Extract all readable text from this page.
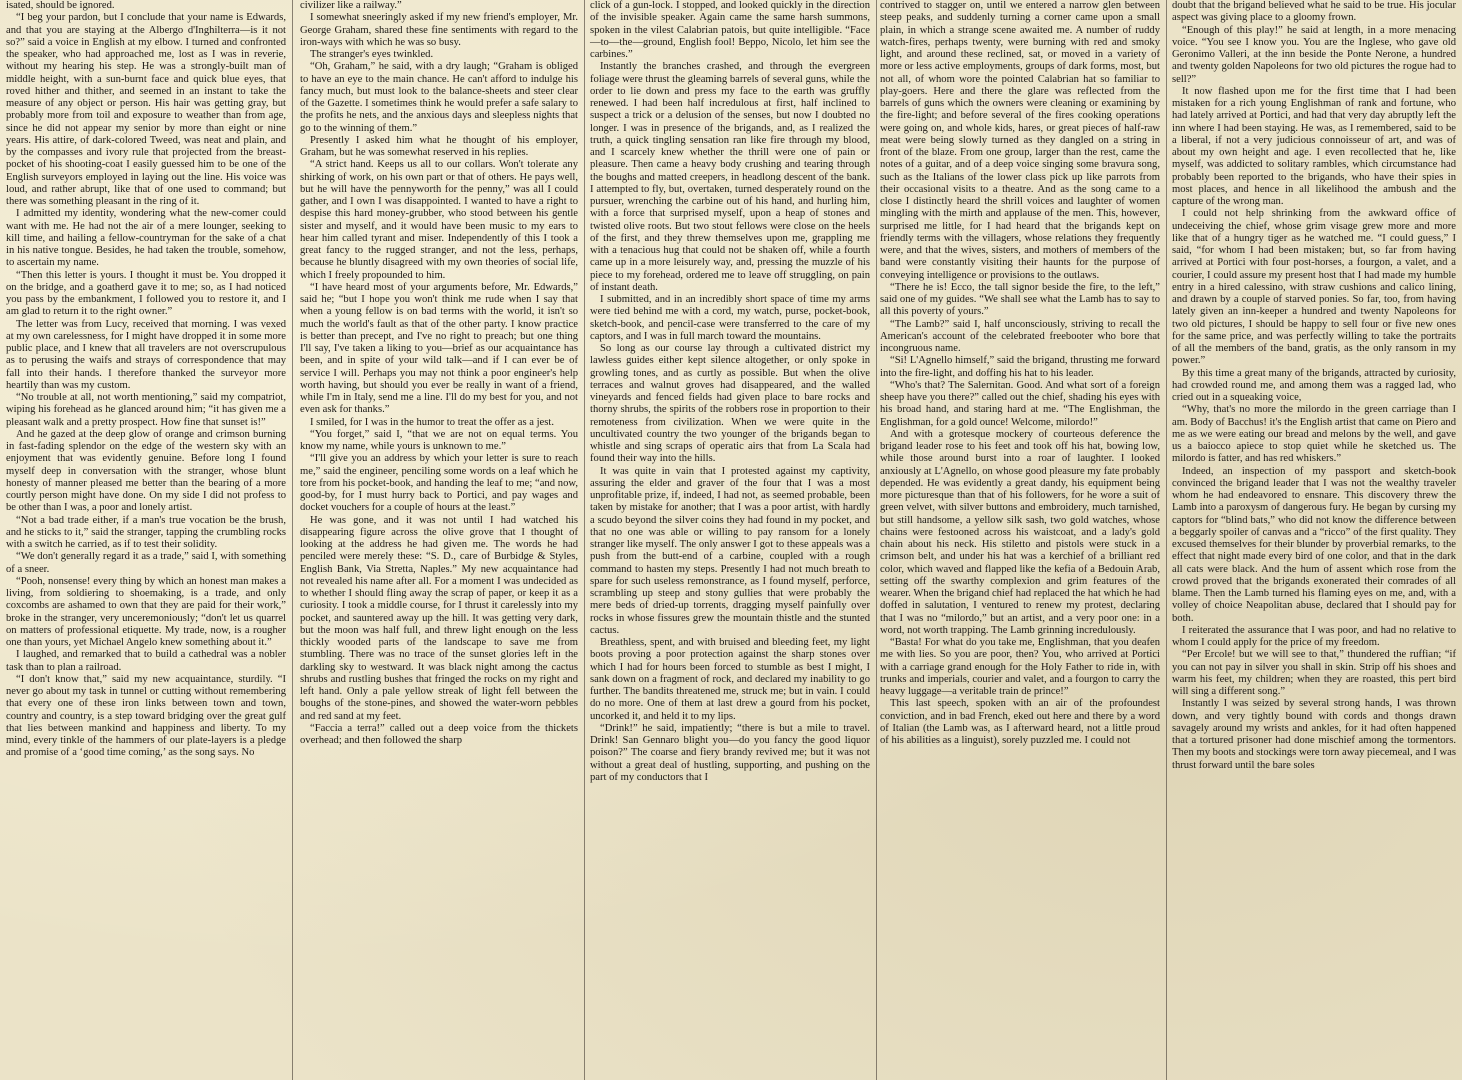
isated, should be ignored.

“I beg your pardon, but I conclude that your name is Edwards, and that you are staying at the Albergo d'Inghilterra—is it not so?” said a voice in English at my elbow. I turned and confronted the speaker, who had approached me, lost as I was in reverie, without my hearing his step. He was a strongly-built man of middle height, with a sun-burnt face and quick blue eyes, that roved hither and thither, and seemed in an instant to take the measure of any object or person. His hair was getting gray, but probably more from toil and exposure to weather than from age, since he did not appear my senior by more than eight or nine years. His attire, of dark-colored Tweed, was neat and plain, and by the compasses and ivory rule that projected from the breast-pocket of his shooting-coat I easily guessed him to be one of the English surveyors employed in laying out the line. His voice was loud, and rather abrupt, like that of one used to command; but there was something pleasant in the ring of it.

I admitted my identity, wondering what the new-comer could want with me. He had not the air of a mere lounger, seeking to kill time, and hailing a fellow-countryman for the sake of a chat in his native tongue. Besides, he had taken the trouble, somehow, to ascertain my name.

“Then this letter is yours. I thought it must be. You dropped it on the bridge, and a goatherd gave it to me; so, as I had noticed you pass by the embankment, I followed you to restore it, and I am glad to return it to the right owner.”

The letter was from Lucy, received that morning. I was vexed at my own carelessness, for I might have dropped it in some more public place, and I knew that all travelers are not overscrupulous as to perusing the waifs and strays of correspondence that may fall into their hands. I therefore thanked the surveyor more heartily than was my custom.

“No trouble at all, not worth mentioning,” said my compatriot, wiping his forehead as he glanced around him; “it has given me a pleasant walk and a pretty prospect. How fine that sunset is!”

And he gazed at the deep glow of orange and crimson burning in fast-fading splendor on the edge of the western sky with an enjoyment that was evidently genuine. Before long I found myself deep in conversation with the stranger, whose blunt honesty of manner pleased me better than the bearing of a more courtly person might have done. On my side I did not profess to be other than I was, a poor and lonely artist.

“Not a bad trade either, if a man's true vocation be the brush, and he sticks to it,” said the stranger, tapping the crumbling rocks with a switch he carried, as if to test their solidity.

“We don't generally regard it as a trade,” said I, with something of a sneer.

“Pooh, nonsense! every thing by which an honest man makes a living, from soldiering to shoemaking, is a trade, and only coxcombs are ashamed to own that they are paid for their work,” broke in the stranger, very unceremoniously; “don't let us quarrel on matters of professional etiquette. My trade, now, is a rougher one than yours, yet Michael Angelo knew something about it.”

I laughed, and remarked that to build a cathedral was a nobler task than to plan a railroad.

“I don't know that,” said my new acquaintance, sturdily. “I never go about my task in tunnel or cutting without remembering that every one of these iron links between town and town, country and country, is a step toward bridging over the great gulf that lies between mankind and happiness and liberty. To my mind, every tinkle of the hammers of our plate-layers is a pledge and promise of a ‘good time coming,’ as the song says. No

civilizer like a railway.”

I somewhat sneeringly asked if my new friend's employer, Mr. George Graham, shared these fine sentiments with regard to the iron-ways with which he was so busy.

The stranger's eyes twinkled.

“Oh, Graham,” he said, with a dry laugh; “Graham is obliged to have an eye to the main chance. He can't afford to indulge his fancy much, but must look to the balance-sheets and steer clear of the Gazette. I sometimes think he would prefer a safe salary to the profits he nets, and the anxious days and sleepless nights that go to the winning of them.”

Presently I asked him what he thought of his employer, Graham, but he was somewhat reserved in his replies.

“A strict hand. Keeps us all to our collars. Won't tolerate any shirking of work, on his own part or that of others. He pays well, but he will have the pennyworth for the penny,” was all I could gather, and I own I was disappointed. I wanted to have a right to despise this hard money-grubber, who stood between his gentle sister and myself, and it would have been music to my ears to hear him called tyrant and miser. Independently of this I took a great fancy to the rugged stranger, and not the less, perhaps, because he bluntly disagreed with my own theories of social life, which I freely propounded to him.

“I have heard most of your arguments before, Mr. Edwards,” said he; “but I hope you won't think me rude when I say that when a young fellow is on bad terms with the world, it isn't so much the world's fault as that of the other party. I know practice is better than precept, and I've no right to preach; but one thing I'll say, I've taken a liking to you—brief as our acquaintance has been, and in spite of your wild talk—and if I can ever be of service I will. Perhaps you may not think a poor engineer's help worth having, but should you ever be really in want of a friend, while I'm in Italy, send me a line. I'll do my best for you, and not even ask for thanks.”

I smiled, for I was in the humor to treat the offer as a jest.

“You forget,” said I, “that we are not on equal terms. You know my name, while yours is unknown to me.”

“I'll give you an address by which your letter is sure to reach me,” said the engineer, penciling some words on a leaf which he tore from his pocket-book, and handing the leaf to me; “and now, good-by, for I must hurry back to Portici, and pay wages and docket vouchers for a couple of hours at the least.”

He was gone, and it was not until I had watched his disappearing figure across the olive grove that I thought of looking at the address he had given me. The words he had penciled were merely these: “S. D., care of Burbidge & Styles, English Bank, Via Stretta, Naples.” My new acquaintance had not revealed his name after all. For a moment I was undecided as to whether I should fling away the scrap of paper, or keep it as a curiosity. I took a middle course, for I thrust it carelessly into my pocket, and sauntered away up the hill. It was getting very dark, but the moon was half full, and threw light enough on the less thickly wooded parts of the landscape to save me from stumbling. There was no trace of the sunset glories left in the darkling sky to westward. It was black night among the cactus shrubs and rustling bushes that fringed the rocks on my right and left hand. Only a pale yellow streak of light fell between the boughs of the stone-pines, and showed the water-worn pebbles and red sand at my feet.

“Faccia a terra!” called out a deep voice from the thickets overhead; and then followed the sharp

click of a gun-lock. I stopped, and looked quickly in the direction of the invisible speaker. Again came the same harsh summons, spoken in the vilest Calabrian patois, but quite intelligible. “Face—to—the—ground, English fool! Beppo, Nicolo, let him see the carbines.”

Instantly the branches crashed, and through the evergreen foliage were thrust the gleaming barrels of several guns, while the order to lie down and press my face to the earth was gruffly renewed. I had been half incredulous at first, half inclined to suspect a trick or a delusion of the senses, but now I doubted no longer. I was in presence of the brigands, and, as I realized the truth, a quick tingling sensation ran like fire through my blood, and I scarcely knew whether the thrill were one of pain or pleasure. Then came a heavy body crushing and tearing through the boughs and matted creepers, in headlong descent of the bank. I attempted to fly, but, overtaken, turned desperately round on the pursuer, wrenching the carbine out of his hand, and hurling him, with a force that surprised myself, upon a heap of stones and twisted olive roots. But two stout fellows were close on the heels of the first, and they threw themselves upon me, grappling me with a tenacious hug that could not be shaken off, while a fourth came up in a more leisurely way, and, pressing the muzzle of his piece to my forehead, ordered me to leave off struggling, on pain of instant death.

I submitted, and in an incredibly short space of time my arms were tied behind me with a cord, my watch, purse, pocket-book, sketch-book, and pencil-case were transferred to the care of my captors, and I was in full march toward the mountains.

So long as our course lay through a cultivated district my lawless guides either kept silence altogether, or only spoke in growling tones, and as curtly as possible. But when the olive terraces and walnut groves had disappeared, and the walled vineyards and fenced fields had given place to bare rocks and thorny shrubs, the spirits of the robbers rose in proportion to their remoteness from civilization. When we were quite in the uncultivated country the two younger of the brigands began to whistle and sing scraps of operatic airs that from La Scala had found their way into the hills.

It was quite in vain that I protested against my captivity, assuring the elder and graver of the four that I was a most unprofitable prize, if, indeed, I had not, as seemed probable, been taken by mistake for another; that I was a poor artist, with hardly a scudo beyond the silver coins they had found in my pocket, and that no one was able or willing to pay ransom for a lonely stranger like myself. The only answer I got to these appeals was a push from the butt-end of a carbine, coupled with a rough command to hasten my steps. Presently I had not much breath to spare for such useless remonstrance, as I found myself, perforce, scrambling up steep and stony gullies that were probably the mere beds of dried-up torrents, dragging myself painfully over rocks in whose fissures grew the mountain thistle and the stunted cactus.

Breathless, spent, and with bruised and bleeding feet, my light boots proving a poor protection against the sharp stones over which I had for hours been forced to stumble as best I might, I sank down on a fragment of rock, and declared my inability to go further. The bandits threatened me, struck me; but in vain. I could do no more. One of them at last drew a gourd from his pocket, uncorked it, and held it to my lips.

“Drink!” he said, impatiently; “there is but a mile to travel. Drink! San Gennaro blight you—do you fancy the good liquor poison?” The coarse and fiery brandy revived me; but it was not without a great deal of hustling, supporting, and pushing on the part of my conductors that I

contrived to stagger on, until we entered a narrow glen between steep peaks, and suddenly turning a corner came upon a small plain, in which a strange scene awaited me. A number of ruddy watch-fires, perhaps twenty, were burning with red and smoky light, and around these reclined, sat, or moved in a variety of more or less active employments, groups of dark forms, most, but not all, of whom wore the pointed Calabrian hat so familiar to play-goers. Here and there the glare was reflected from the barrels of guns which the owners were cleaning or examining by the fire-light; and before several of the fires cooking operations were going on, and whole kids, hares, or great pieces of half-raw meat were being slowly turned as they dangled on a string in front of the blaze. From one group, larger than the rest, came the notes of a guitar, and of a deep voice singing some bravura song, such as the Italians of the lower class pick up like parrots from their occasional visits to a theatre. And as the song came to a close I distinctly heard the shrill voices and laughter of women mingling with the mirth and applause of the men. This, however, surprised me little, for I had heard that the brigands kept on friendly terms with the villagers, whose relations they frequently were, and that the wives, sisters, and mothers of members of the band were constantly visiting their haunts for the purpose of conveying intelligence or provisions to the outlaws.

“There he is! Ecco, the tall signor beside the fire, to the left,” said one of my guides. “We shall see what the Lamb has to say to all this poverty of yours.”

“The Lamb?” said I, half unconsciously, striving to recall the American's account of the celebrated freebooter who bore that incongruous name.

“Si! L'Agnello himself,” said the brigand, thrusting me forward into the fire-light, and doffing his hat to his leader.

“Who's that? The Salernitan. Good. And what sort of a foreign sheep have you there?” called out the chief, shading his eyes with his broad hand, and staring hard at me. “The Englishman, the Englishman, for a gold ounce! Welcome, milordo!”

And with a grotesque mockery of courteous deference the brigand leader rose to his feet and took off his hat, bowing low, while those around burst into a roar of laughter. I looked anxiously at L'Agnello, on whose good pleasure my fate probably depended. He was evidently a great dandy, his equipment being more picturesque than that of his followers, for he wore a suit of green velvet, with silver buttons and embroidery, much tarnished, but still handsome, a yellow silk sash, two gold watches, whose chains were festooned across his waistcoat, and a lady's gold chain about his neck. His stiletto and pistols were stuck in a crimson belt, and under his hat was a kerchief of a brilliant red color, which waved and flapped like the kefia of a Bedouin Arab, setting off the swarthy complexion and grim features of the wearer. When the brigand chief had replaced the hat which he had doffed in salutation, I ventured to renew my protest, declaring that I was no “milordo,” but an artist, and a very poor one: in a word, not worth trapping. The Lamb grinning incredulously.

“Basta! For what do you take me, Englishman, that you deafen me with lies. So you are poor, then? You, who arrived at Portici with a carriage grand enough for the Holy Father to ride in, with trunks and imperials, courier and valet, and a fourgon to carry the heavy luggage—a veritable train de prince!”

This last speech, spoken with an air of the profoundest conviction, and in bad French, eked out here and there by a word of Italian (the Lamb was, as I afterward heard, not a little proud of his abilities as a linguist), sorely puzzled me. I could not

doubt that the brigand believed what he said to be true. His jocular aspect was giving place to a gloomy frown.

“Enough of this play!” he said at length, in a more menacing voice. “You see I know you. You are the Inglese, who gave old Geronimo Valleri, at the inn beside the Ponte Nerone, a hundred and twenty golden Napoleons for two old pictures the rogue had to sell?”

It now flashed upon me for the first time that I had been mistaken for a rich young Englishman of rank and fortune, who had lately arrived at Portici, and had that very day abruptly left the inn where I had been staying. He was, as I remembered, said to be a liberal, if not a very judicious connoisseur of art, and was of about my own height and age. I even recollected that he, like myself, was addicted to solitary rambles, which circumstance had probably been reported to the brigands, who have their spies in most places, and hence in all likelihood the ambush and the capture of the wrong man.

I could not help shrinking from the awkward office of undeceiving the chief, whose grim visage grew more and more like that of a hungry tiger as he watched me. “I could guess,” I said, “for whom I had been mistaken; but, so far from having arrived at Portici with four post-horses, a fourgon, a valet, and a courier, I could assure my present host that I had made my humble entry in a hired calessino, with straw cushions and calico lining, and drawn by a couple of starved ponies. So far, too, from having lately given an inn-keeper a hundred and twenty Napoleons for two old pictures, I should be happy to sell four or five new ones for the same price, and was perfectly willing to take the portraits of all the members of the band, gratis, as the only ransom in my power.”

By this time a great many of the brigands, attracted by curiosity, had crowded round me, and among them was a ragged lad, who cried out in a squeaking voice,

“Why, that's no more the milordo in the green carriage than I am. Body of Bacchus! it's the English artist that came on Piero and me as we were eating our bread and melons by the well, and gave us a baiocco apiece to stop quiet while he sketched us. The milordo is fatter, and has red whiskers.”

Indeed, an inspection of my passport and sketch-book convinced the brigand leader that I was not the wealthy traveler whom he had endeavored to ensnare. This discovery threw the Lamb into a paroxysm of dangerous fury. He began by cursing my captors for “blind bats,” who did not know the difference between a beggarly spoiler of canvas and a “ricco” of the first quality. They excused themselves for their blunder by proverbial remarks, to the effect that night made every bird of one color, and that in the dark all cats were black. And the hum of assent which rose from the crowd proved that the brigands exonerated their comrades of all blame. Then the Lamb turned his flaming eyes on me, and, with a volley of choice Neapolitan abuse, declared that I should pay for both.

I reiterated the assurance that I was poor, and had no relative to whom I could apply for the price of my freedom.

“Per Ercole! but we will see to that,” thundered the ruffian; “if you can not pay in silver you shall in skin. Strip off his shoes and warm his feet, my children; when they are roasted, this pert bird will sing a different song.”

Instantly I was seized by several strong hands, I was thrown down, and very tightly bound with cords and thongs drawn savagely around my wrists and ankles, for it had often happened that a tortured prisoner had done mischief among the tormentors. Then my boots and stockings were torn away piecemeal, and I was thrust forward until the bare soles
